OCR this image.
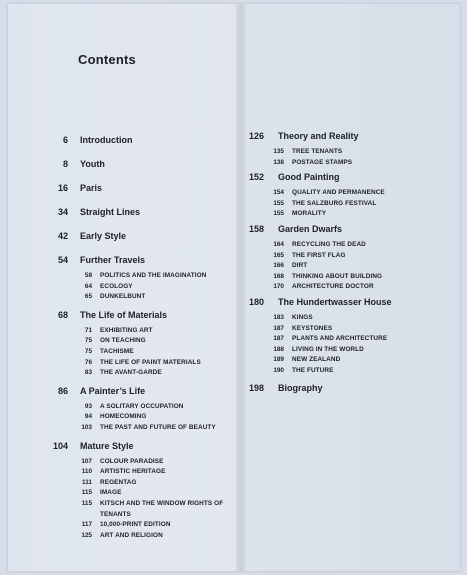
Contents
6 Introduction
8 Youth
16 Paris
34 Straight Lines
42 Early Style
54 Further Travels
58 POLITICS AND THE IMAGINATION
64 ECOLOGY
65 DUNKELBUNT
68 The Life of Materials
71 EXHIBITING ART
75 ON TEACHING
75 TACHISME
76 THE LIFE OF PAINT MATERIALS
83 THE AVANT-GARDE
86 A Painter’s Life
93 A SOLITARY OCCUPATION
94 HOMECOMING
103 THE PAST AND FUTURE OF BEAUTY
104 Mature Style
107 COLOUR PARADISE
110 ARTISTIC HERITAGE
111 REGENTAG
115 IMAGE
115 KITSCH AND THE WINDOW RIGHTS OF TENANTS
117 10,000-PRINT EDITION
125 ART AND RELIGION
126 Theory and Reality
135 TREE TENANTS
138 POSTAGE STAMPS
152 Good Painting
154 QUALITY AND PERMANENCE
155 THE SALZBURG FESTIVAL
155 MORALITY
158 Garden Dwarfs
164 RECYCLING THE DEAD
165 THE FIRST FLAG
166 DIRT
168 THINKING ABOUT BUILDING
170 ARCHITECTURE DOCTOR
180 The Hundertwasser House
183 KINGS
187 KEYSTONES
187 PLANTS AND ARCHITECTURE
188 LIVING IN THE WORLD
189 NEW ZEALAND
190 THE FUTURE
198 Biography
